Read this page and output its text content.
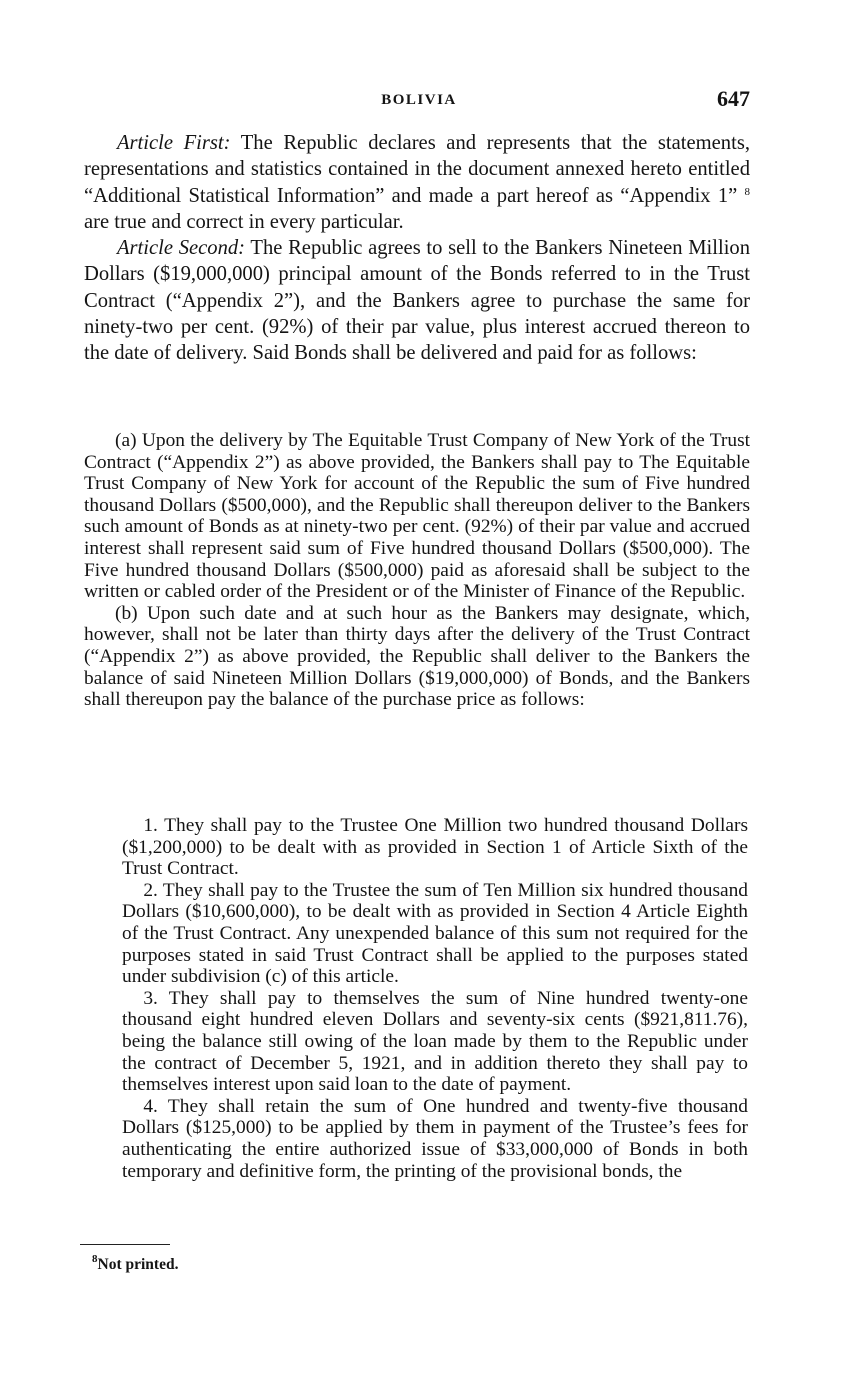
BOLIVIA	647

Article First: The Republic declares and represents that the statements, representations and statistics contained in the document annexed hereto entitled “Additional Statistical Information” and made a part hereof as “Appendix 1” $^8$ are true and correct in every particular.

Article Second: The Republic agrees to sell to the Bankers Nineteen Million Dollars ($19,000,000) principal amount of the Bonds referred to in the Trust Contract (“Appendix 2”), and the Bankers agree to purchase the same for ninety-two per cent. (92%) of their par value, plus interest accrued thereon to the date of delivery. Said Bonds shall be delivered and paid for as follows:

(a) Upon the delivery by The Equitable Trust Company of New York of the Trust Contract (“Appendix 2”) as above provided, the Bankers shall pay to The Equitable Trust Company of New York for account of the Republic the sum of Five hundred thousand Dollars ($500,000), and the Republic shall thereupon deliver to the Bankers such amount of Bonds as at ninety-two per cent. (92%) of their par value and accrued interest shall represent said sum of Five hundred thousand Dollars ($500,000). The Five hundred thousand Dollars ($500,000) paid as aforesaid shall be subject to the written or cabled order of the President or of the Minister of Finance of the Republic.

(b) Upon such date and at such hour as the Bankers may designate, which, however, shall not be later than thirty days after the delivery of the Trust Contract (“Appendix 2”) as above provided, the Republic shall deliver to the Bankers the balance of said Nineteen Million Dollars ($19,000,000) of Bonds, and the Bankers shall thereupon pay the balance of the purchase price as follows:

1. They shall pay to the Trustee One Million two hundred thousand Dollars ($1,200,000) to be dealt with as provided in Section 1 of Article Sixth of the Trust Contract.

2. They shall pay to the Trustee the sum of Ten Million six hundred thousand Dollars ($10,600,000), to be dealt with as provided in Section 4 Article Eighth of the Trust Contract. Any unexpended balance of this sum not required for the purposes stated in said Trust Contract shall be applied to the purposes stated under subdivision (c) of this article.

3. They shall pay to themselves the sum of Nine hundred twenty-one thousand eight hundred eleven Dollars and seventy-six cents ($921,811.76), being the balance still owing of the loan made by them to the Republic under the contract of December 5, 1921, and in addition thereto they shall pay to themselves interest upon said loan to the date of payment.

4. They shall retain the sum of One hundred and twenty-five thousand Dollars ($125,000) to be applied by them in payment of the Trustee’s fees for authenticating the entire authorized issue of $33,000,000 of Bonds in both temporary and definitive form, the printing of the provisional bonds, the

$^8$Not printed.
